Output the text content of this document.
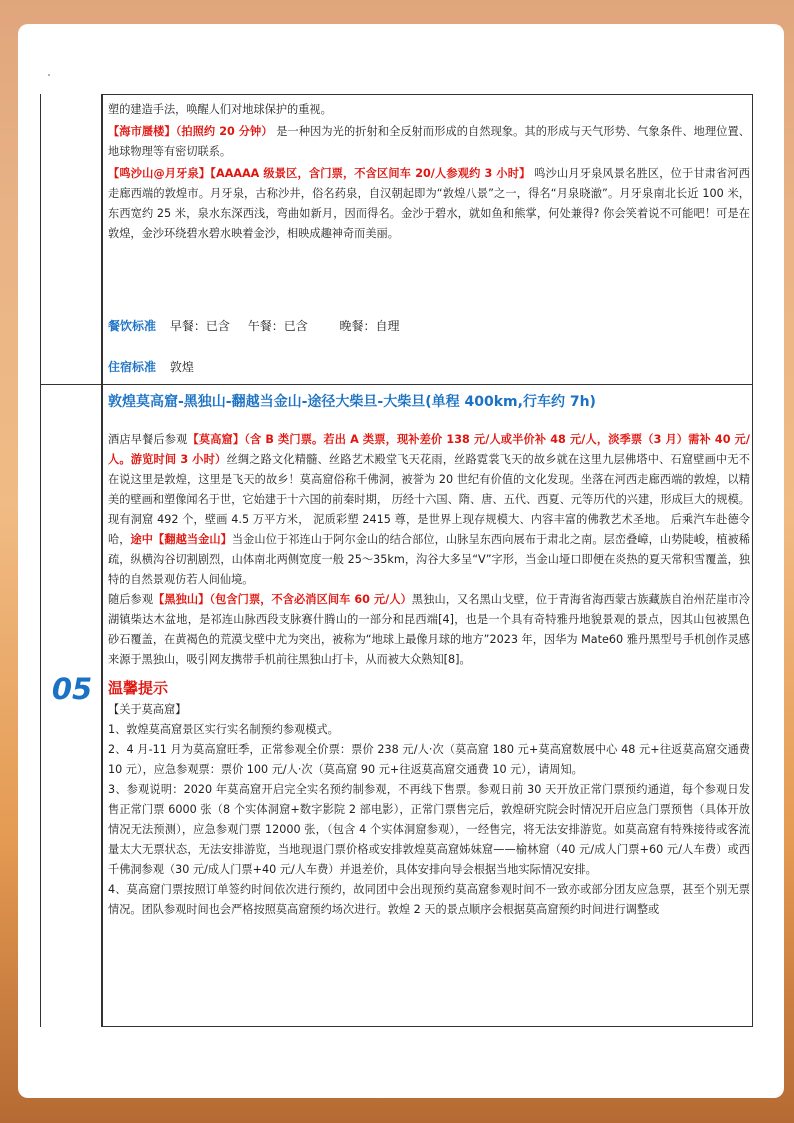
塑的建造手法，唤醒人们对地球保护的重视。

【海市蜃楼】（拍照约 20 分钟） 是一种因为光的折射和全反射而形成的自然现象。其的形成与天气形势、气象条件、地理位置、地球物理等有密切联系。

【鸣沙山@月牙泉】【AAAAA 级景区，含门票，不含区间车 20/人参观约 3 小时】 鸣沙山月牙泉风景名胜区，位于甘肃省河西走廊西端的敦煌市。月牙泉，古称沙井，俗名药泉，自汉朝起即为“敦煌八景”之一，得名“月泉晓澈”。月牙泉南北长近 100 米，东西宽约 25 米，泉水东深西浅，弯曲如新月，因而得名。金沙于碧水，就如鱼和熊掌，何处兼得? 你会笑着说不可能吧！可是在敦煌，金沙环绕碧水碧水映着金沙，相映成趣神奇而美丽。

餐饮标准 早餐：已含 午餐：已含	晚餐：自理
住宿标准 敦煌
05
敦煌莫高窟-黑独山-翻越当金山-途径大柴旦-大柴旦(单程 400km,行车约 7h)

酒店早餐后参观【莫高窟】（含 B 类门票。若出 A 类票，现补差价 138 元/人或半价补 48 元/人，淡季票（3 月）需补 40 元/人。游览时间 3 小时）丝绸之路文化精髓、丝路艺术殿堂飞天花雨，丝路霓裳飞天的故乡就在这里九层佛塔中、石窟壁画中无不在说这里是敦煌，这里是飞天的故乡！莫高窟俗称千佛洞，被誉为 20 世纪有价值的文化发现。坐落在河西走廊西端的敦煌，以精美的壁画和塑像闻名于世，它始建于十六国的前秦时期， 历经十六国、隋、唐、五代、西夏、元等历代的兴建，形成巨大的规模。现有洞窟 492 个，壁画 4.5 万平方米， 泥质彩塑 2415 尊，是世界上现存规模大、内容丰富的佛教艺术圣地。 后乘汽车赴德令哈，途中【翻越当金山】当金山位于祁连山于阿尔金山的结合部位，山脉呈东西向展布于肃北之南。层峦叠嶂，山势陡峻，植被稀疏，纵横沟谷切割剧烈，山体南北两侧宽度一般 25～35km，沟谷大多呈“V”字形，当金山垭口即便在炎热的夏天常积雪覆盖，独特的自然景观仿若人间仙境。

随后参观【黑独山】（包含门票，不含必消区间车 60 元/人）黑独山，又名黑山戈壁，位于青海省海西蒙古族藏族自治州茫崖市冷湖镇柴达木盆地，是祁连山脉西段支脉赛什腾山的一部分和昆西端[4]，也是一个具有奇特雅丹地貌景观的景点，因其山包被黑色砂石覆盖，在黄褐色的荒漠戈壁中尤为突出，被称为“地球上最像月球的地方”2023 年，因华为 Mate60 雅丹黑型号手机创作灵感来源于黑独山，吸引网友携带手机前往黑独山打卡，从而被大众熟知[8]。

温馨提示

【关于莫高窟】

1、敦煌莫高窟景区实行实名制预约参观模式。

2、4 月-11 月为莫高窟旺季，正常参观全价票：票价 238 元/人·次（莫高窟 180 元+莫高窟数展中心 48 元+往返莫高窟交通费 10 元），应急参观票：票价 100 元/人·次（莫高窟 90 元+往返莫高窟交通费 10 元），请周知。

3、参观说明：2020 年莫高窟开启完全实名预约制参观，不再线下售票。参观日前 30 天开放正常门票预约通道，每个参观日发售正常门票 6000 张（8 个实体洞窟+数字影院 2 部电影），正常门票售完后，敦煌研究院会时情况开启应急门票预售（具体开放情况无法预测），应急参观门票 12000 张，（包含 4 个实体洞窟参观），一经售完，将无法安排游览。如莫高窟有特殊接待或客流量太大无票状态，无法安排游览，当地现退门票价格或安排敦煌莫高窟姊妹窟——榆林窟（40 元/成人门票+60 元/人车费）或西千佛洞参观（30 元/成人门票+40 元/人车费）并退差价，具体安排向导会根据当地实际情况安排。

4、莫高窟门票按照订单签约时间依次进行预约，故同团中会出现预约莫高窟参观时间不一致亦或部分团友应急票，甚至个别无票情况。团队参观时间也会严格按照莫高窟预约场次进行。敦煌 2 天的景点顺序会根据莫高窟预约时间进行调整或
